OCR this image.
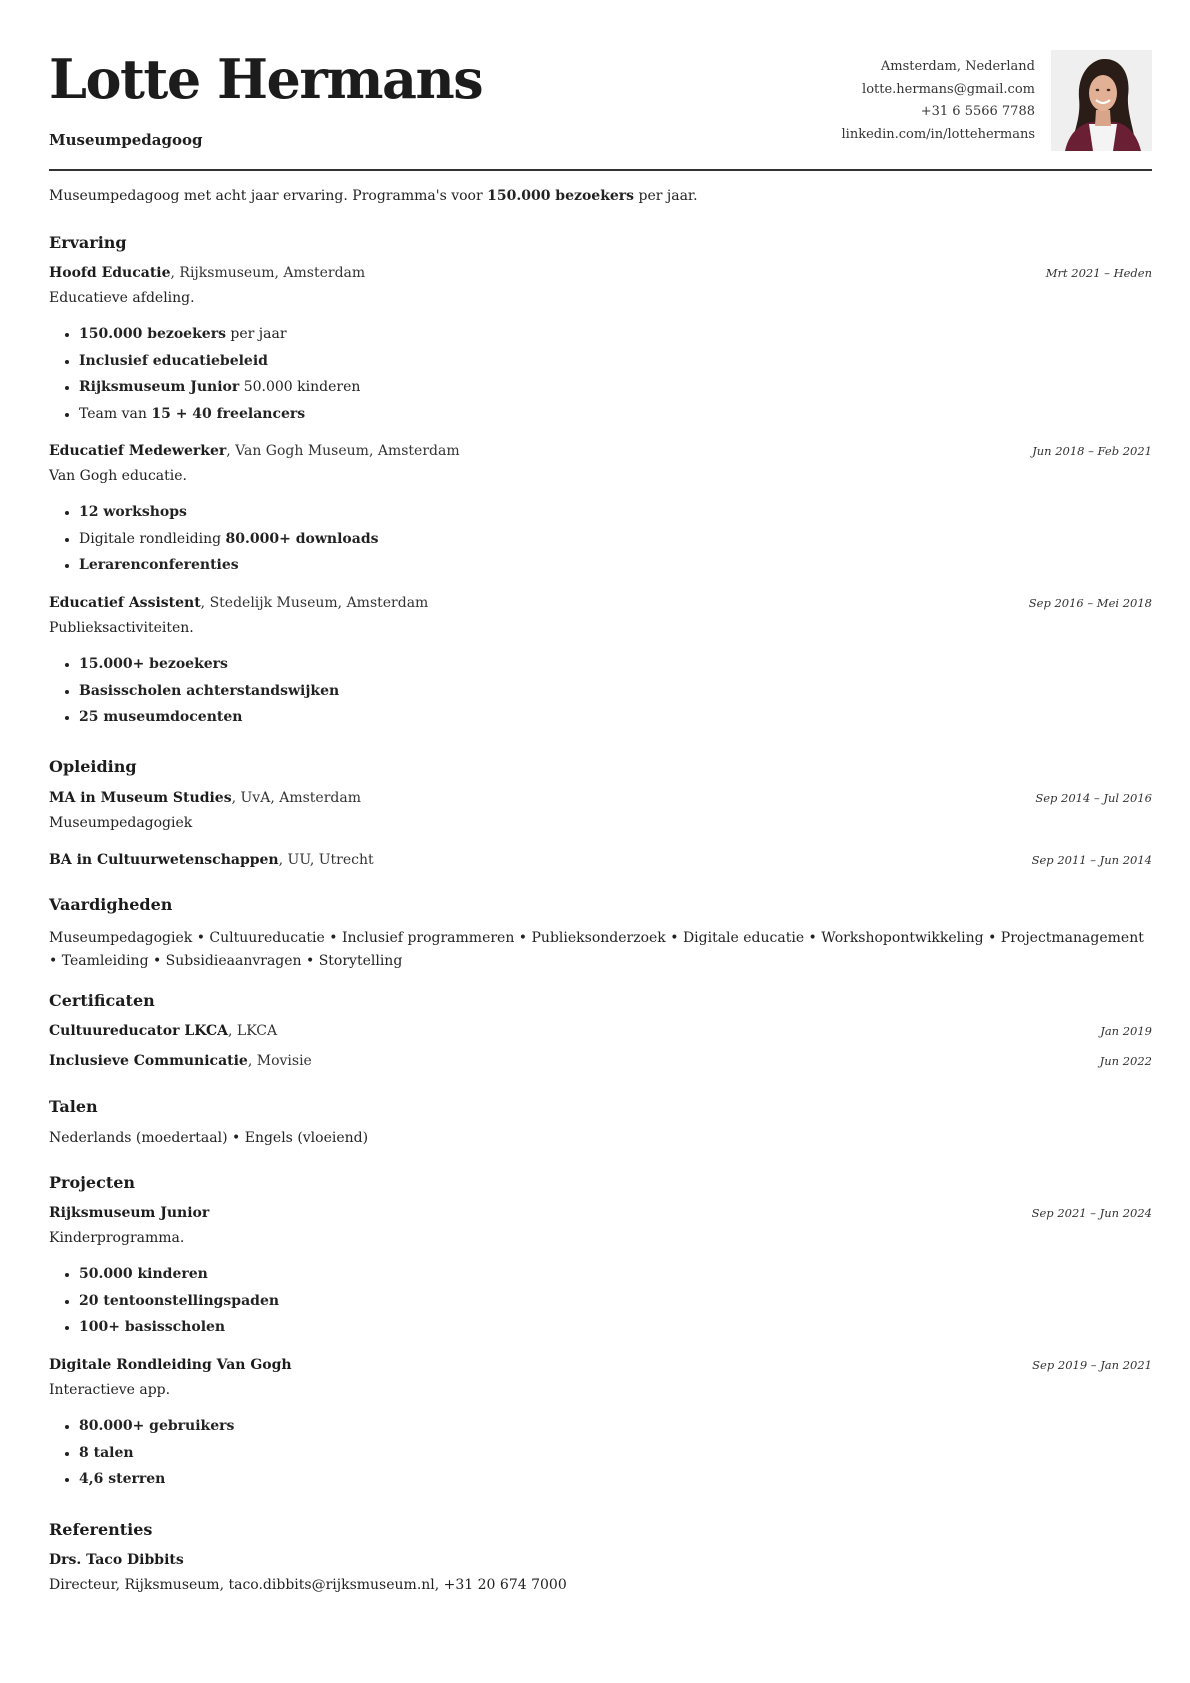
Lotte Hermans
Museumpedagoog
Amsterdam, Nederland
lotte.hermans@gmail.com
+31 6 5566 7788
linkedin.com/in/lottehermans
Museumpedagoog met acht jaar ervaring. Programma's voor 150.000 bezoekers per jaar.
Ervaring
Hoofd Educatie, Rijksmuseum, Amsterdam	Mrt 2021 – Heden
Educatieve afdeling.
• 150.000 bezoekers per jaar
• Inclusief educatiebeleid
• Rijksmuseum Junior 50.000 kinderen
• Team van 15 + 40 freelancers
Educatief Medewerker, Van Gogh Museum, Amsterdam	Jun 2018 – Feb 2021
Van Gogh educatie.
• 12 workshops
• Digitale rondleiding 80.000+ downloads
• Lerarenconferenties
Educatief Assistent, Stedelijk Museum, Amsterdam	Sep 2016 – Mei 2018
Publieksactiviteiten.
• 15.000+ bezoekers
• Basisscholen achterstandswijken
• 25 museumdocenten
Opleiding
MA in Museum Studies, UvA, Amsterdam	Sep 2014 – Jul 2016
Museumpedagogiek
BA in Cultuurwetenschappen, UU, Utrecht	Sep 2011 – Jun 2014
Vaardigheden
Museumpedagogiek • Cultuureducatie • Inclusief programmeren • Publieksonderzoek • Digitale educatie • Workshopontwikkeling • Projectmanagement • Teamleiding • Subsidieaanvragen • Storytelling
Certificaten
Cultuureducator LKCA, LKCA	Jan 2019
Inclusieve Communicatie, Movisie	Jun 2022
Talen
Nederlands (moedertaal) • Engels (vloeiend)
Projecten
Rijksmuseum Junior	Sep 2021 – Jun 2024
Kinderprogramma.
• 50.000 kinderen
• 20 tentoonstellingspaden
• 100+ basisscholen
Digitale Rondleiding Van Gogh	Sep 2019 – Jan 2021
Interactieve app.
• 80.000+ gebruikers
• 8 talen
• 4,6 sterren
Referenties
Drs. Taco Dibbits
Directeur, Rijksmuseum, taco.dibbits@rijksmuseum.nl, +31 20 674 7000
